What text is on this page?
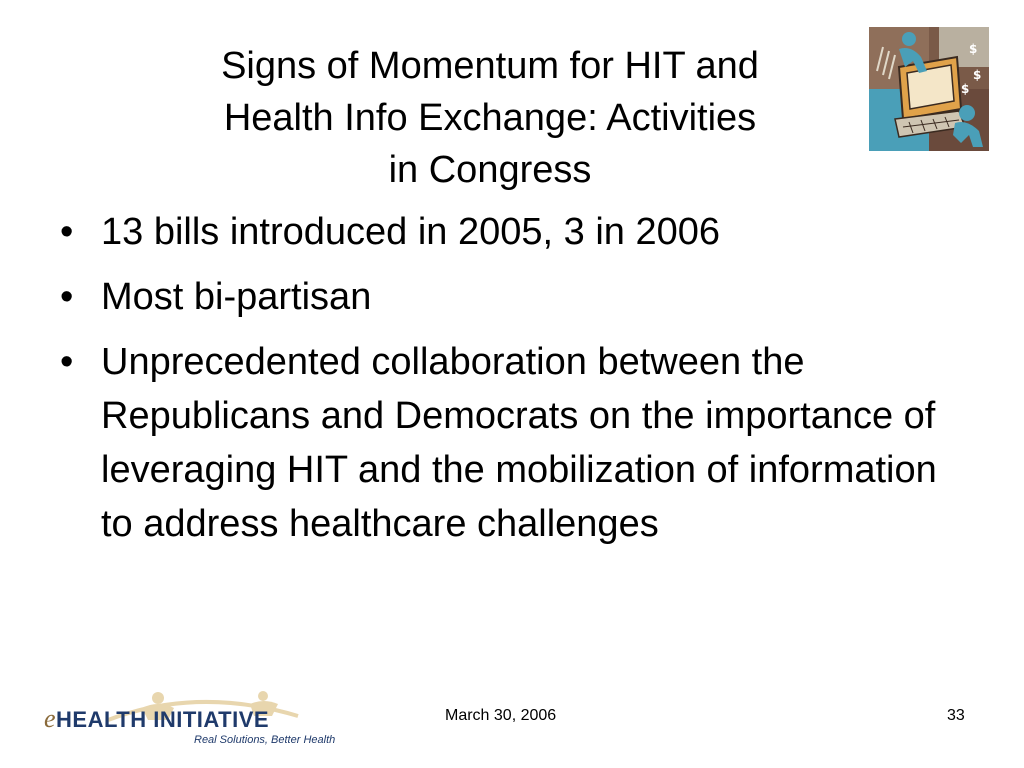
Signs of Momentum for HIT and
Health Info Exchange: Activities
in Congress
$
$
$
• 13 bills introduced in 2005, 3 in 2006
• Most bi-partisan
• Unprecedented collaboration between the Republicans and Democrats on the importance of leveraging HIT and the mobilization of information to address healthcare challenges
eHEALTH INITIATIVE
Real Solutions, Better Health
March 30, 2006	33
